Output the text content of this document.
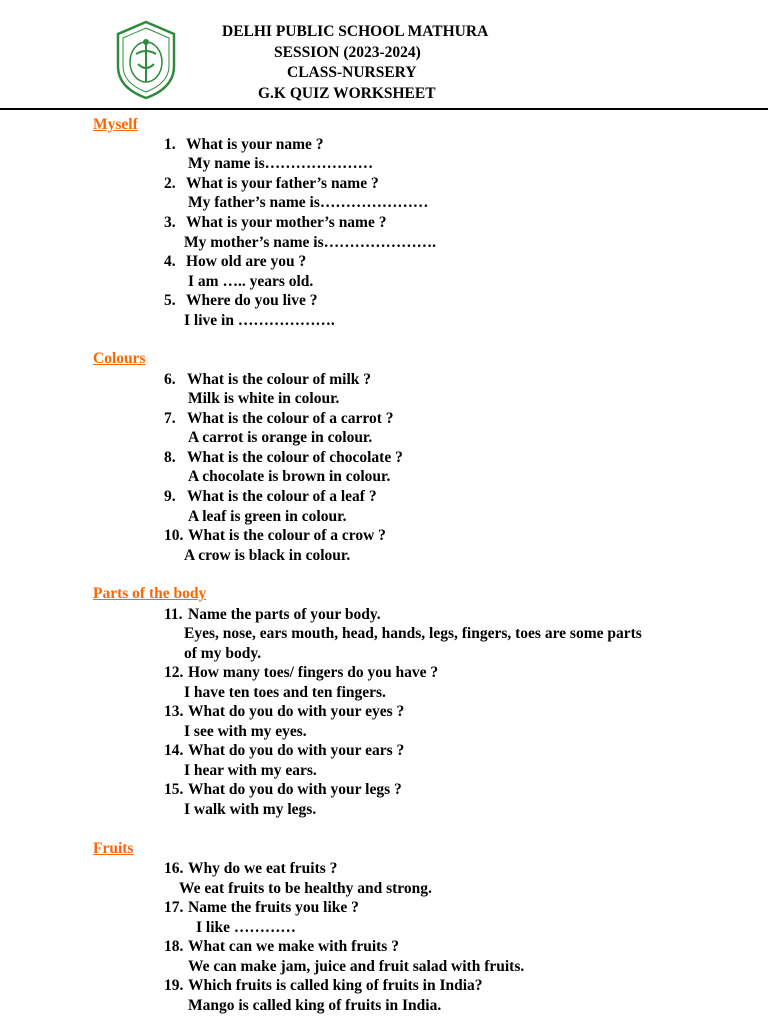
DELHI PUBLIC SCHOOL MATHURA
SESSION (2023-2024)
CLASS-NURSERY
G.K QUIZ WORKSHEET
Myself
1. What is your name ?
My name is…………………
2. What is your father’s name ?
My father’s name is…………………
3. What is your mother’s name ?
My mother’s name is………………….
4. How old are you ?
I am ….. years old.
5. Where do you live ?
I live in ……………….
Colours
6. What is the colour of milk ?
Milk is white in colour.
7. What is the colour of a carrot ?
A carrot is orange in colour.
8. What is the colour of chocolate ?
A chocolate is brown in colour.
9. What is the colour of a leaf ?
A leaf is green in colour.
10. What is the colour of a crow ?
A crow is black in colour.
Parts of the body
11. Name the parts of your body.
Eyes, nose, ears mouth, head, hands, legs, fingers, toes are some parts
of my body.
12. How many toes/ fingers do you have ?
I have ten toes and ten fingers.
13. What do you do with your eyes ?
I see with my eyes.
14. What do you do with your ears ?
I hear with my ears.
15. What do you do with your legs ?
I walk with my legs.
Fruits
16. Why do we eat fruits ?
We eat fruits to be healthy and strong.
17. Name the fruits you like ?
I like …………
18. What can we make with fruits ?
We can make jam, juice and fruit salad with fruits.
19. Which fruits is called king of fruits in India?
Mango is called king of fruits in India.
